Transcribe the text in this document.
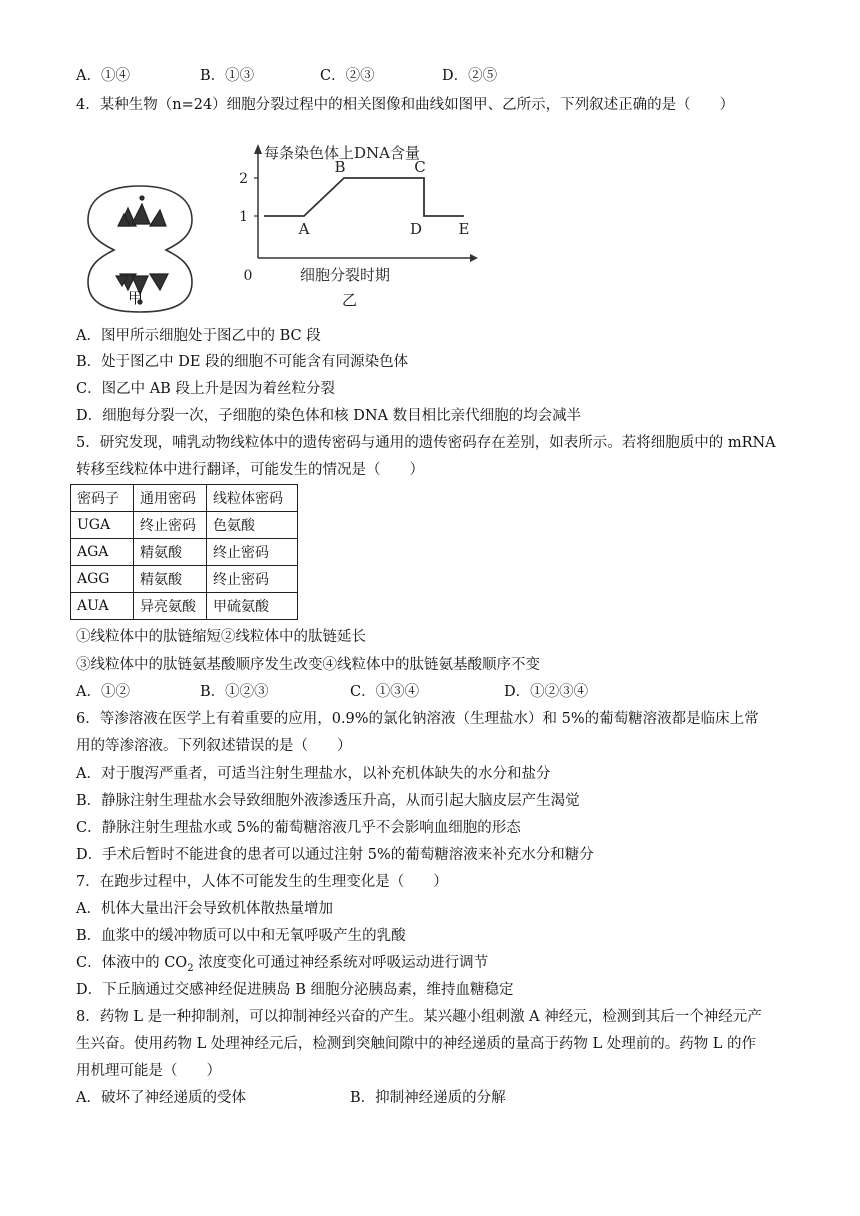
A．①④	B．①③	C．②③	D．②⑤
4．某种生物（n=24）细胞分裂过程中的相关图像和曲线如图甲、乙所示，下列叙述正确的是（　　）
甲
每条染色体上DNA含量
细胞分裂时期
0
1
2
A
B	C
D E
乙
A．图甲所示细胞处于图乙中的 BC 段
B．处于图乙中 DE 段的细胞不可能含有同源染色体
C．图乙中 AB 段上升是因为着丝粒分裂
D．细胞每分裂一次，子细胞的染色体和核 DNA 数目相比亲代细胞的均会减半
5．研究发现，哺乳动物线粒体中的遗传密码与通用的遗传密码存在差别，如表所示。若将细胞质中的 mRNA
转移至线粒体中进行翻译，可能发生的情况是（　　）
密码子	通用密码	线粒体密码
UGA	终止密码	色氨酸
AGA	精氨酸	终止密码
AGG	精氨酸	终止密码
AUA	异亮氨酸	甲硫氨酸
①线粒体中的肽链缩短②线粒体中的肽链延长
③线粒体中的肽链氨基酸顺序发生改变④线粒体中的肽链氨基酸顺序不变
A．①②	B．①②③	C．①③④	D．①②③④
6．等渗溶液在医学上有着重要的应用，0.9%的氯化钠溶液（生理盐水）和 5%的葡萄糖溶液都是临床上常
用的等渗溶液。下列叙述错误的是（　　）
A．对于腹泻严重者，可适当注射生理盐水，以补充机体缺失的水分和盐分
B．静脉注射生理盐水会导致细胞外液渗透压升高，从而引起大脑皮层产生渴觉
C．静脉注射生理盐水或 5%的葡萄糖溶液几乎不会影响血细胞的形态
D．手术后暂时不能进食的患者可以通过注射 5%的葡萄糖溶液来补充水分和糖分
7．在跑步过程中，人体不可能发生的生理变化是（　　）
A．机体大量出汗会导致机体散热量增加
B．血浆中的缓冲物质可以中和无氧呼吸产生的乳酸
C．体液中的 $CO_2$ 浓度变化可通过神经系统对呼吸运动进行调节
D．下丘脑通过交感神经促进胰岛 B 细胞分泌胰岛素，维持血糖稳定
8．药物 L 是一种抑制剂，可以抑制神经兴奋的产生。某兴趣小组刺激 A 神经元，检测到其后一个神经元产
生兴奋。使用药物 L 处理神经元后，检测到突触间隙中的神经递质的量高于药物 L 处理前的。药物 L 的作
用机理可能是（　　）
A．破坏了神经递质的受体	B．抑制神经递质的分解
